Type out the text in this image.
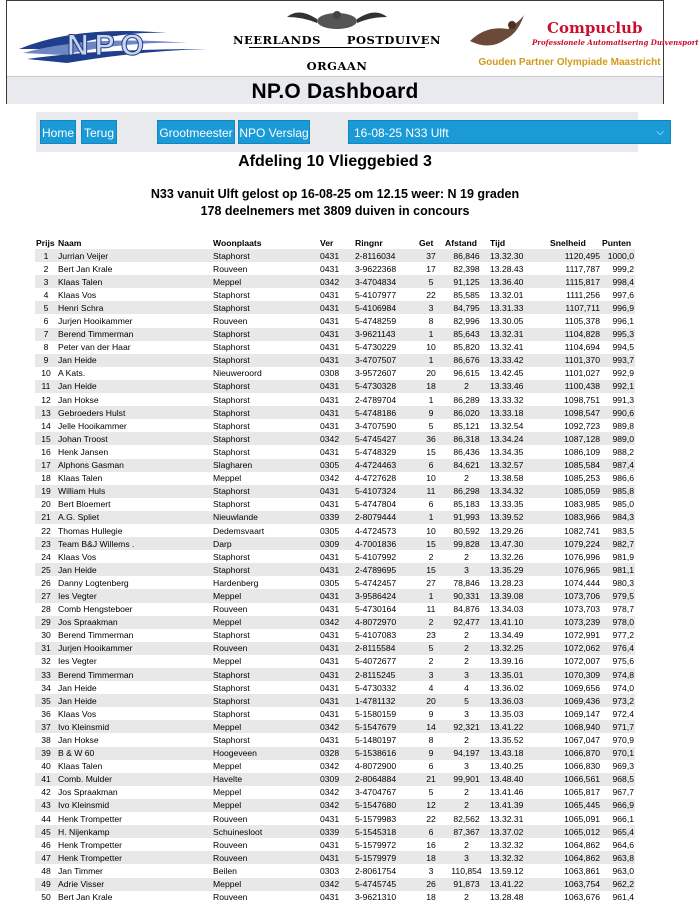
NPO	NEERLANDS POSTDUIVEN
ORGAAN
Compuclub
Professionele Automatisering Duivensport
Gouden Partner Olympiade Maastricht
NP.O Dashboard
Home Terug	Grootmeester NPO Verslag	16-08-25 N33 Ulft	⌵
Afdeling 10 Vlieggebied 3
N33 vanuit Ulft gelost op 16-08-25 om 12.15 weer: N 19 graden
178 deelnemers met 3809 duiven in concours
Prijs	Naam	Woonplaats	Ver	Ringnr	Get	Afstand	Tijd	Snelheid	Punten
1	Jurrian Veijer	Staphorst	0431	2-8116034	37	86,846	13.32.30	1120,495	1000,0
2	Bert Jan Krale	Rouveen	0431	3-9622368	17	82,398	13.28.43	1117,787	999,2
3	Klaas Talen	Meppel	0342	3-4704834	5	91,125	13.36.40	1115,817	998,4
4	Klaas Vos	Staphorst	0431	5-4107977	22	85,585	13.32.01	1111,256	997,6
5	Henri Schra	Staphorst	0431	5-4106984	3	84,795	13.31.33	1107,711	996,9
6	Jurjen Hooikammer	Rouveen	0431	5-4748259	8	82,996	13.30.05	1105,378	996,1
7	Berend Timmerman	Staphorst	0431	3-9621143	1	85,643	13.32.31	1104,828	995,3
8	Peter van der Haar	Staphorst	0431	5-4730229	10	85,820	13.32.41	1104,694	994,5
9	Jan Heide	Staphorst	0431	3-4707507	1	86,676	13.33.42	1101,370	993,7
10	A Kats.	Nieuweroord	0308	3-9572607	20	96,615	13.42.45	1101,027	992,9
11	Jan Heide	Staphorst	0431	5-4730328	18	2	13.33.46	1100,438	992,1
12	Jan Hokse	Staphorst	0431	2-4789704	1	86,289	13.33.32	1098,751	991,3
13	Gebroeders Hulst	Staphorst	0431	5-4748186	9	86,020	13.33.18	1098,547	990,6
14	Jelle Hooikammer	Staphorst	0431	3-4707590	5	85,121	13.32.54	1092,723	989,8
15	Johan Troost	Staphorst	0342	5-4745427	36	86,318	13.34.24	1087,128	989,0
16	Henk Jansen	Staphorst	0431	5-4748329	15	86,436	13.34.35	1086,109	988,2
17	Alphons Gasman	Slagharen	0305	4-4724463	6	84,621	13.32.57	1085,584	987,4
18	Klaas Talen	Meppel	0342	4-4727628	10	2	13.38.58	1085,253	986,6
19	William Huls	Staphorst	0431	5-4107324	11	86,298	13.34.32	1085,059	985,8
20	Bert Bloemert	Staphorst	0431	5-4747804	6	85,183	13.33.35	1083,985	985,0
21	A.G. Spliet	Nieuwlande	0339	2-8079444	1	91,993	13.39.52	1083,966	984,3
22	Thomas Hullegie	Dedemsvaart	0305	4-4724573	10	80,592	13.29.26	1082,741	983,5
23	Team B&J Willems .	Darp	0309	4-7001836	15	99,828	13.47.30	1079,224	982,7
24	Klaas Vos	Staphorst	0431	5-4107992	2	2	13.32.26	1076,996	981,9
25	Jan Heide	Staphorst	0431	2-4789695	15	3	13.35.29	1076,965	981,1
26	Danny Logtenberg	Hardenberg	0305	5-4742457	27	78,846	13.28.23	1074,444	980,3
27	Ies Vegter	Meppel	0431	3-9586424	1	90,331	13.39.08	1073,706	979,5
28	Comb Hengsteboer	Rouveen	0431	5-4730164	11	84,876	13.34.03	1073,703	978,7
29	Jos Spraakman	Meppel	0342	4-8072970	2	92,477	13.41.10	1073,239	978,0
30	Berend Timmerman	Staphorst	0431	5-4107083	23	2	13.34.49	1072,991	977,2
31	Jurjen Hooikammer	Rouveen	0431	2-8115584	5	2	13.32.25	1072,062	976,4
32	Ies Vegter	Meppel	0431	5-4072677	2	2	13.39.16	1072,007	975,6
33	Berend Timmerman	Staphorst	0431	2-8115245	3	3	13.35.01	1070,309	974,8
34	Jan Heide	Staphorst	0431	5-4730332	4	4	13.36.02	1069,656	974,0
35	Jan Heide	Staphorst	0431	1-4781132	20	5	13.36.03	1069,436	973,2
36	Klaas Vos	Staphorst	0431	5-1580159	9	3	13.35.03	1069,147	972,4
37	Ivo Kleinsmid	Meppel	0342	5-1547679	14	92,321	13.41.22	1068,940	971,7
38	Jan Hokse	Staphorst	0431	5-1480197	8	2	13.35.52	1067,047	970,9
39	B & W 60	Hoogeveen	0328	5-1538616	9	94,197	13.43.18	1066,870	970,1
40	Klaas Talen	Meppel	0342	4-8072900	6	3	13.40.25	1066,830	969,3
41	Comb. Mulder	Havelte	0309	2-8064884	21	99,901	13.48.40	1066,561	968,5
42	Jos Spraakman	Meppel	0342	3-4704767	5	2	13.41.46	1065,817	967,7
43	Ivo Kleinsmid	Meppel	0342	5-1547680	12	2	13.41.39	1065,445	966,9
44	Henk Trompetter	Rouveen	0431	5-1579983	22	82,562	13.32.31	1065,091	966,1
45	H. Nijenkamp	Schuinesloot	0339	5-1545318	6	87,367	13.37.02	1065,012	965,4
46	Henk Trompetter	Rouveen	0431	5-1579972	16	2	13.32.32	1064,862	964,6
47	Henk Trompetter	Rouveen	0431	5-1579979	18	3	13.32.32	1064,862	963,8
48	Jan Timmer	Beilen	0303	2-8061754	3	110,854	13.59.12	1063,861	963,0
49	Adrie Visser	Meppel	0342	5-4745745	26	91,873	13.41.22	1063,754	962,2
50	Bert Jan Krale	Rouveen	0431	3-9621310	18	2	13.28.48	1063,676	961,4
